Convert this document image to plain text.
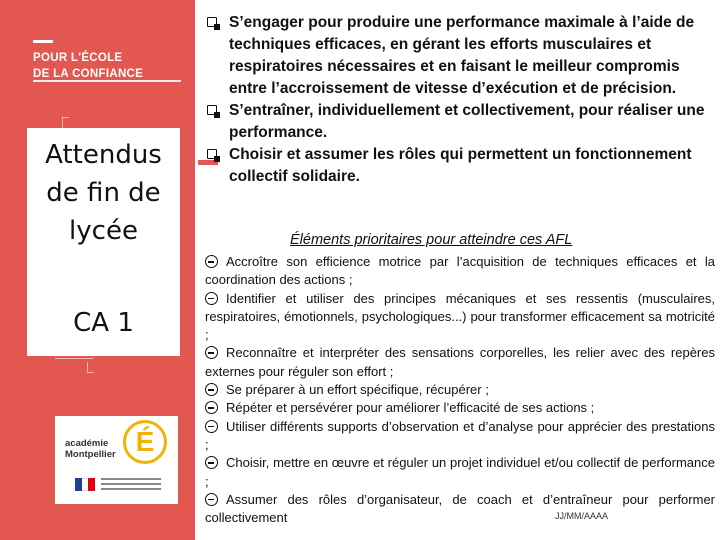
POUR L'ÉCOLE
DE LA CONFIANCE
Attendus
de fin de
lycée
CA 1
académie
Montpellier É

S’engager pour produire une performance maximale à l’aide de techniques efficaces, en gérant les efforts musculaires et respiratoires nécessaires et en faisant le meilleur compromis entre l’accroissement de vitesse d’exécution et de précision.

S’entraîner, individuellement et collectivement, pour réaliser une performance.

Choisir et assumer les rôles qui permettent un fonctionnement collectif solidaire.

Éléments prioritaires pour atteindre ces AFL

Accroître son efficience motrice par l’acquisition de techniques efficaces et la coordination des actions ;

Identifier et utiliser des principes mécaniques et ses ressentis (musculaires, respiratoires, émotionnels, psychologiques...) pour transformer efficacement sa motricité ;

Reconnaître et interpréter des sensations corporelles, les relier avec des repères externes pour réguler son effort ;

Se préparer à un effort spécifique, récupérer ;

Répéter et persévérer pour améliorer l’efficacité de ses actions ;

Utiliser différents supports d’observation et d’analyse pour apprécier des prestations ;

Choisir, mettre en œuvre et réguler un projet individuel et/ou collectif de performance ;

Assumer des rôles d’organisateur, de coach et d’entraîneur pour performer collectivement	JJ/MM/AAAA
